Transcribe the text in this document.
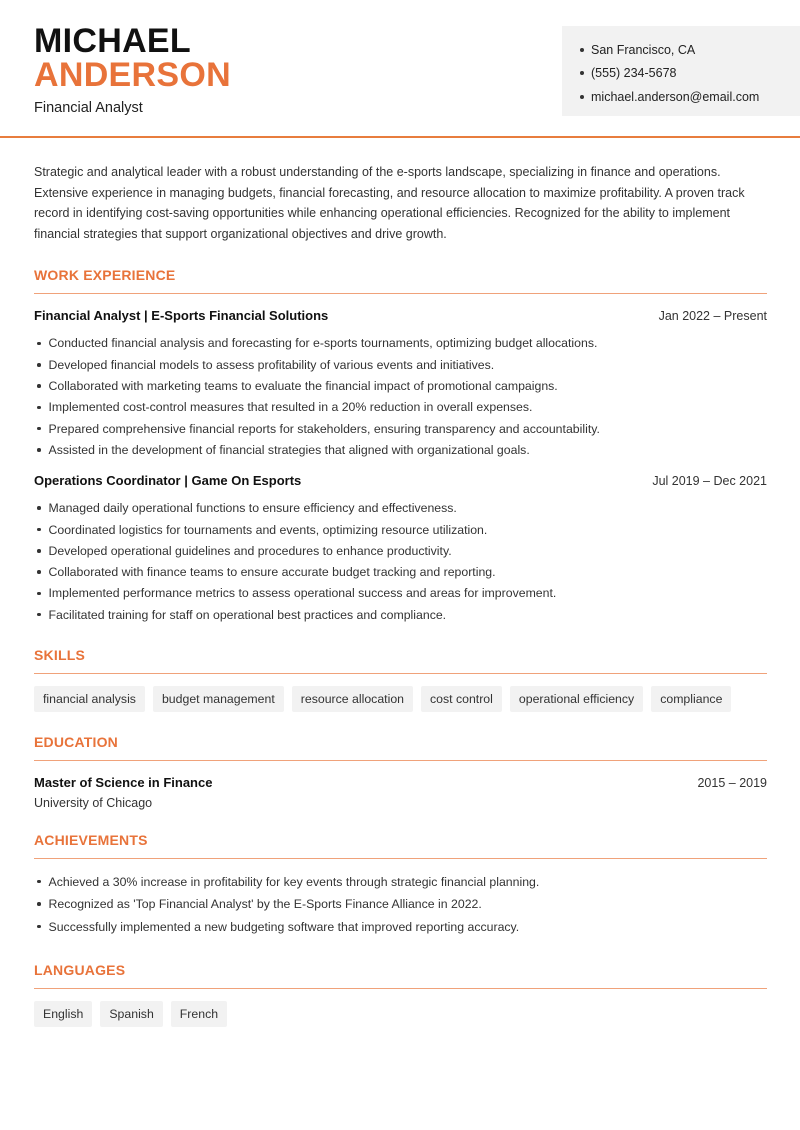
MICHAEL
ANDERSON
Financial Analyst
San Francisco, CA
(555) 234-5678
michael.anderson@email.com

Strategic and analytical leader with a robust understanding of the e-sports landscape, specializing in finance and operations. Extensive experience in managing budgets, financial forecasting, and resource allocation to maximize profitability. A proven track record in identifying cost-saving opportunities while enhancing operational efficiencies. Recognized for the ability to implement financial strategies that support organizational objectives and drive growth.

WORK EXPERIENCE
Financial Analyst | E-Sports Financial Solutions	Jan 2022 – Present
Conducted financial analysis and forecasting for e-sports tournaments, optimizing budget allocations.
Developed financial models to assess profitability of various events and initiatives.
Collaborated with marketing teams to evaluate the financial impact of promotional campaigns.
Implemented cost-control measures that resulted in a 20% reduction in overall expenses.
Prepared comprehensive financial reports for stakeholders, ensuring transparency and accountability.
Assisted in the development of financial strategies that aligned with organizational goals.
Operations Coordinator | Game On Esports	Jul 2019 – Dec 2021
Managed daily operational functions to ensure efficiency and effectiveness.
Coordinated logistics for tournaments and events, optimizing resource utilization.
Developed operational guidelines and procedures to enhance productivity.
Collaborated with finance teams to ensure accurate budget tracking and reporting.
Implemented performance metrics to assess operational success and areas for improvement.
Facilitated training for staff on operational best practices and compliance.
SKILLS
financial analysis	budget management	resource allocation	cost control	operational efficiency	compliance
EDUCATION
Master of Science in Finance	2015 – 2019
University of Chicago
ACHIEVEMENTS
Achieved a 30% increase in profitability for key events through strategic financial planning.
Recognized as 'Top Financial Analyst' by the E-Sports Finance Alliance in 2022.
Successfully implemented a new budgeting software that improved reporting accuracy.
LANGUAGES
English	Spanish	French
